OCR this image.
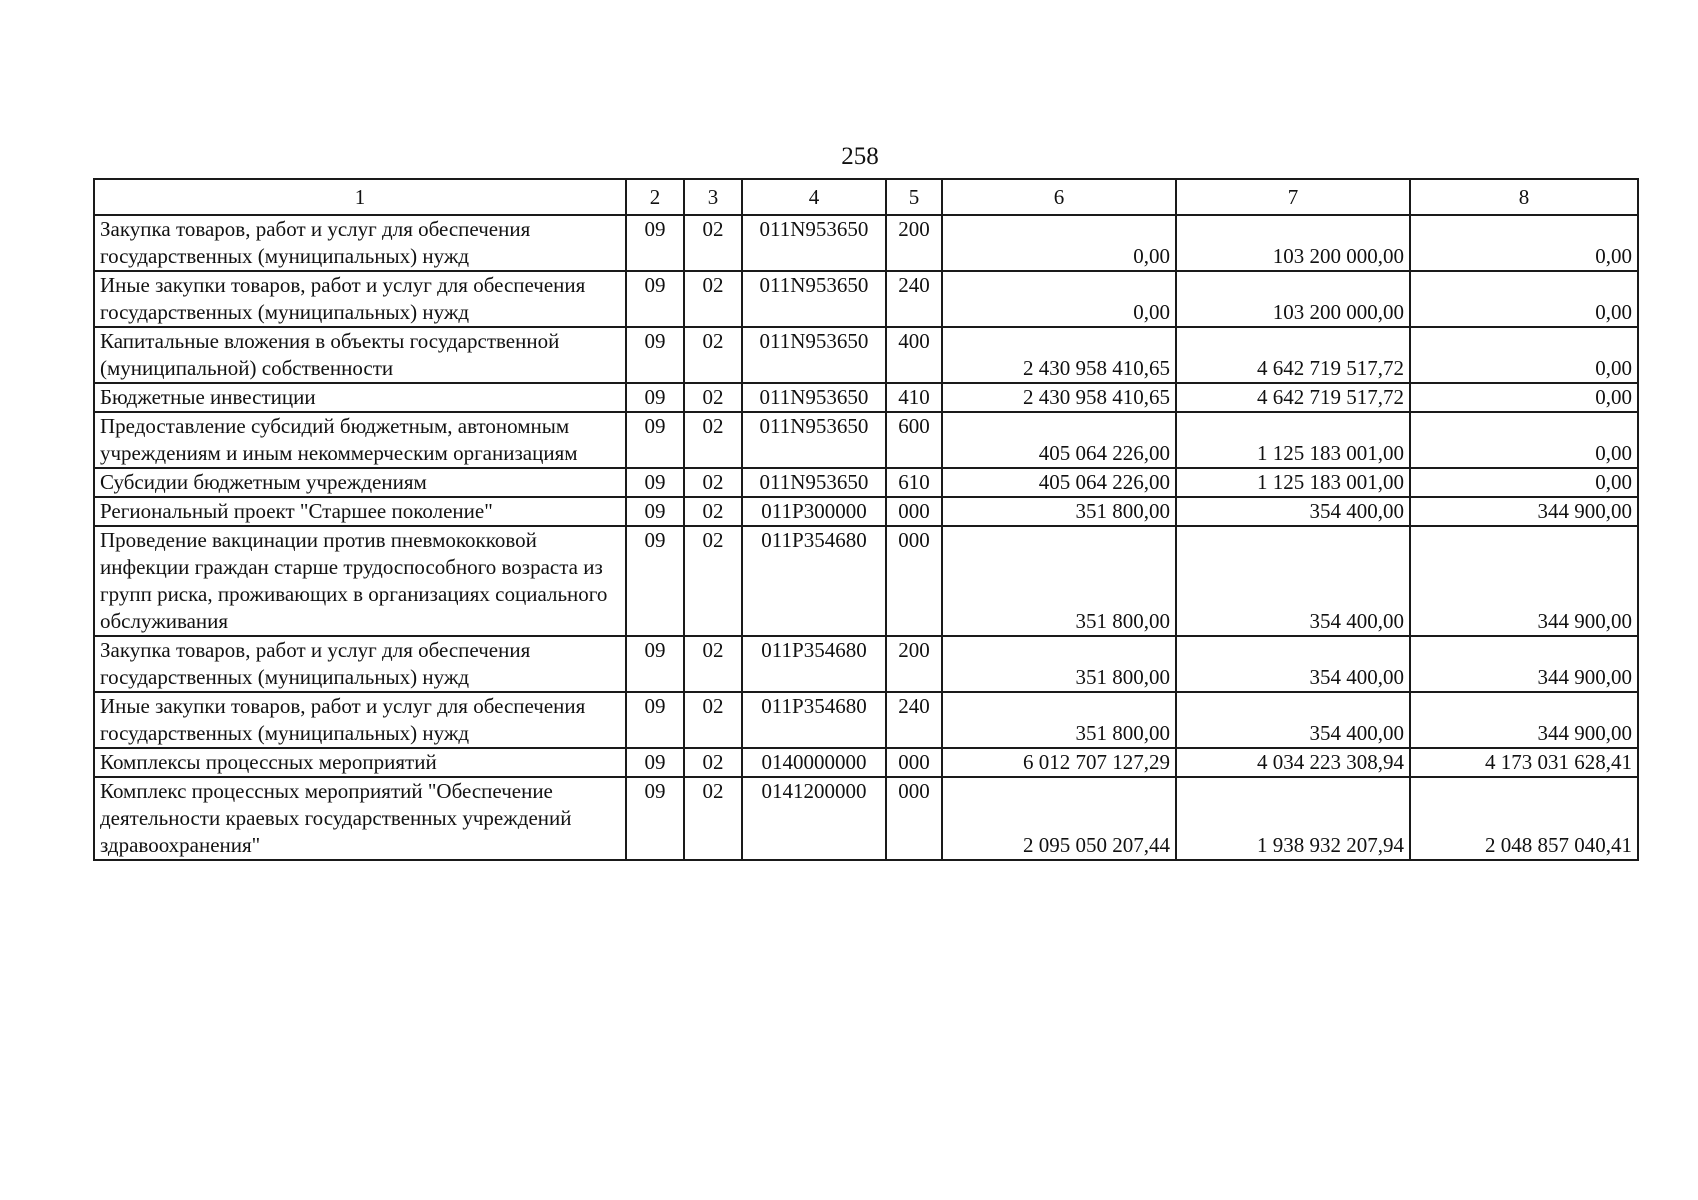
258
1	2	3	4	5	6	7	8
Закупка товаров, работ и услуг для обеспечения государственных (муниципальных) нужд	09	02	011N953650	200	0,00	103 200 000,00	0,00
Иные закупки товаров, работ и услуг для обеспечения государственных (муниципальных) нужд	09	02	011N953650	240	0,00	103 200 000,00	0,00
Капитальные вложения в объекты государственной (муниципальной) собственности	09	02	011N953650	400	2 430 958 410,65	4 642 719 517,72	0,00
Бюджетные инвестиции	09	02	011N953650	410	2 430 958 410,65	4 642 719 517,72	0,00
Предоставление субсидий бюджетным, автономным учреждениям и иным некоммерческим организациям	09	02	011N953650	600	405 064 226,00	1 125 183 001,00	0,00
Субсидии бюджетным учреждениям	09	02	011N953650	610	405 064 226,00	1 125 183 001,00	0,00
Региональный проект "Старшее поколение"	09	02	011P300000	000	351 800,00	354 400,00	344 900,00
Проведение вакцинации против пневмококковой инфекции граждан старше трудоспособного возраста из групп риска, проживающих в организациях социального обслуживания	09	02	011P354680	000	351 800,00	354 400,00	344 900,00
Закупка товаров, работ и услуг для обеспечения государственных (муниципальных) нужд	09	02	011P354680	200	351 800,00	354 400,00	344 900,00
Иные закупки товаров, работ и услуг для обеспечения государственных (муниципальных) нужд	09	02	011P354680	240	351 800,00	354 400,00	344 900,00
Комплексы процессных мероприятий	09	02	0140000000	000	6 012 707 127,29	4 034 223 308,94	4 173 031 628,41
Комплекс процессных мероприятий "Обеспечение деятельности краевых государственных учреждений здравоохранения"	09	02	0141200000	000	2 095 050 207,44	1 938 932 207,94	2 048 857 040,41
